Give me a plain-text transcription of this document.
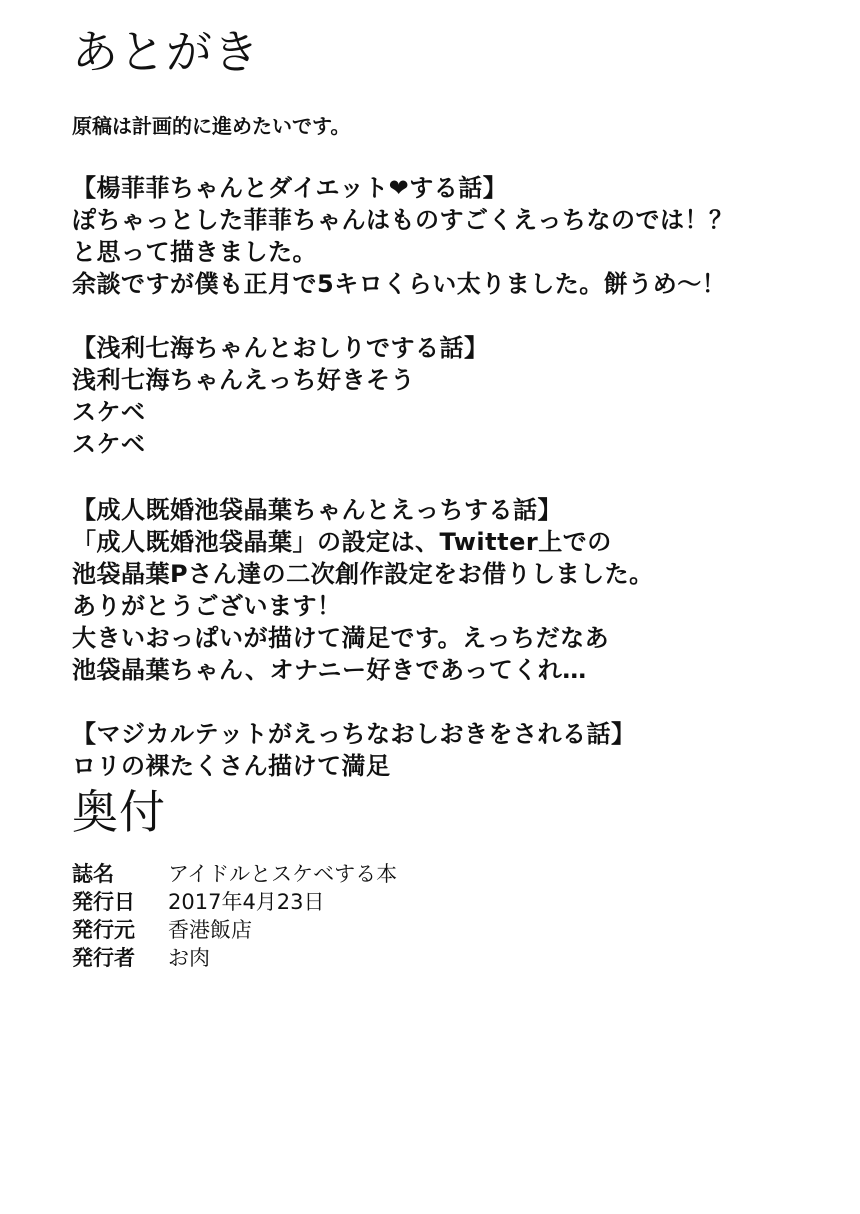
あとがき
原稿は計画的に進めたいです。
【楊菲菲ちゃんとダイエット❤する話】
ぽちゃっとした菲菲ちゃんはものすごくえっちなのでは！？
と思って描きました。
余談ですが僕も正月で5キロくらい太りました。餅うめ〜！
【浅利七海ちゃんとおしりでする話】
浅利七海ちゃんえっち好きそう
スケベ
スケベ
【成人既婚池袋晶葉ちゃんとえっちする話】
「成人既婚池袋晶葉」の設定は、Twitter上での
池袋晶葉Pさん達の二次創作設定をお借りしました。
ありがとうございます！
大きいおっぱいが描けて満足です。えっちだなあ
池袋晶葉ちゃん、オナニー好きであってくれ…
【マジカルテットがえっちなおしおきをされる話】
ロリの裸たくさん描けて満足
奥付
誌名	アイドルとスケベする本
発行日 2017年4月23日
発行元 香港飯店
発行者 お肉
